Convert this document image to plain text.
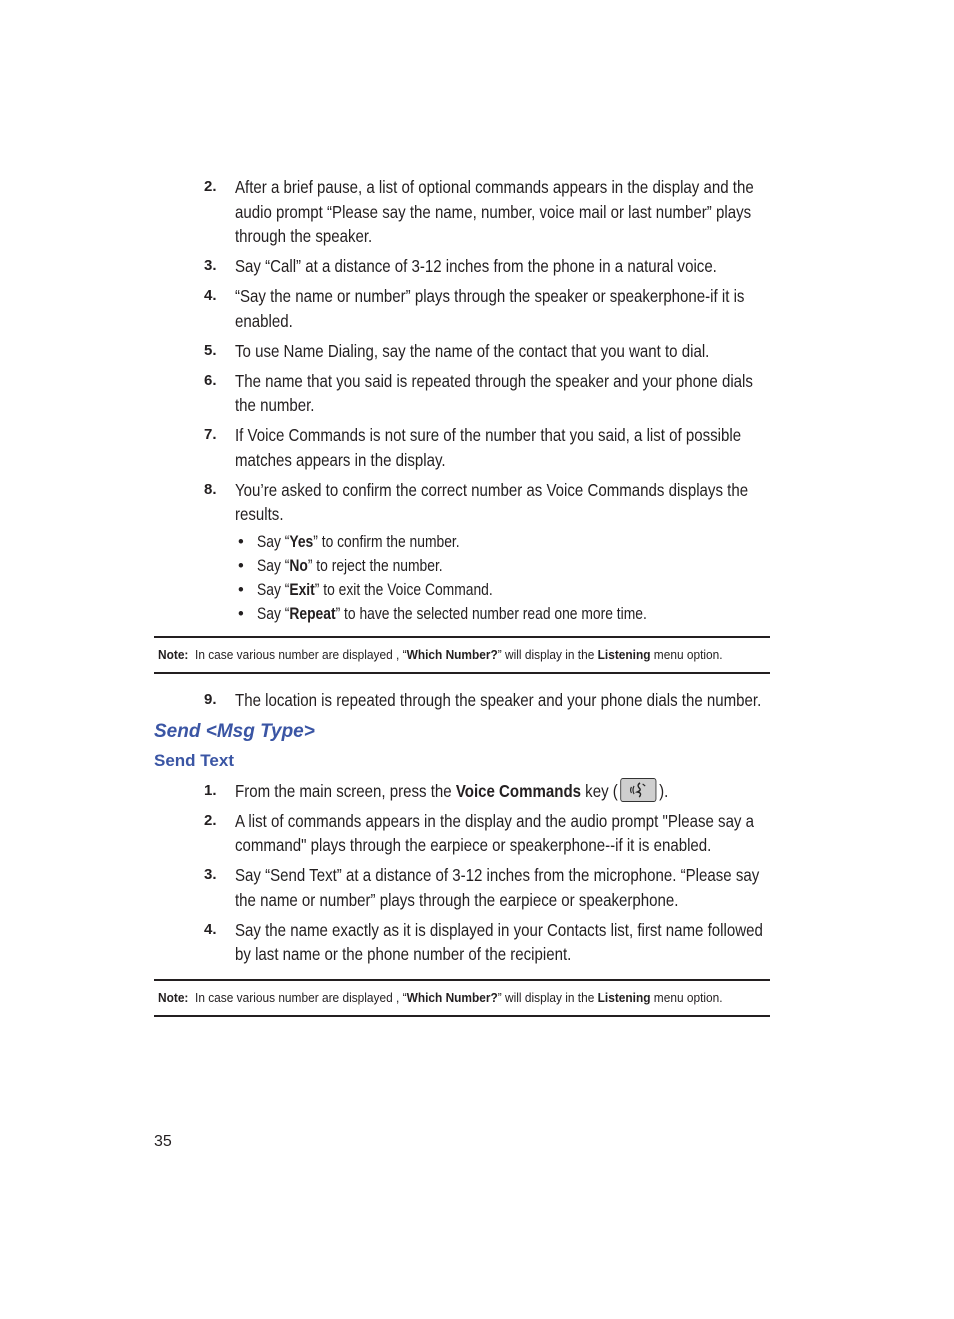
2. After a brief pause, a list of optional commands appears in the display and the audio prompt “Please say the name, number, voice mail or last number” plays through the speaker.
3. Say “Call” at a distance of 3-12 inches from the phone in a natural voice.
4. “Say the name or number” plays through the speaker or speakerphone-if it is enabled.
5. To use Name Dialing, say the name of the contact that you want to dial.
6. The name that you said is repeated through the speaker and your phone dials the number.
7. If Voice Commands is not sure of the number that you said, a list of possible matches appears in the display.
8. You’re asked to confirm the correct number as Voice Commands displays the results.
• Say “Yes” to confirm the number.
• Say “No” to reject the number.
• Say “Exit” to exit the Voice Command.
• Say “Repeat” to have the selected number read one more time.
Note: In case various number are displayed , “Which Number?” will display in the Listening menu option.
9. The location is repeated through the speaker and your phone dials the number.
Send <Msg Type>
Send Text
1. From the main screen, press the Voice Commands key ( ).
2. A list of commands appears in the display and the audio prompt "Please say a command" plays through the earpiece or speakerphone--if it is enabled.
3. Say “Send Text” at a distance of 3-12 inches from the microphone. “Please say the name or number” plays through the earpiece or speakerphone.
4. Say the name exactly as it is displayed in your Contacts list, first name followed by last name or the phone number of the recipient.
Note: In case various number are displayed , “Which Number?” will display in the Listening menu option.
35
